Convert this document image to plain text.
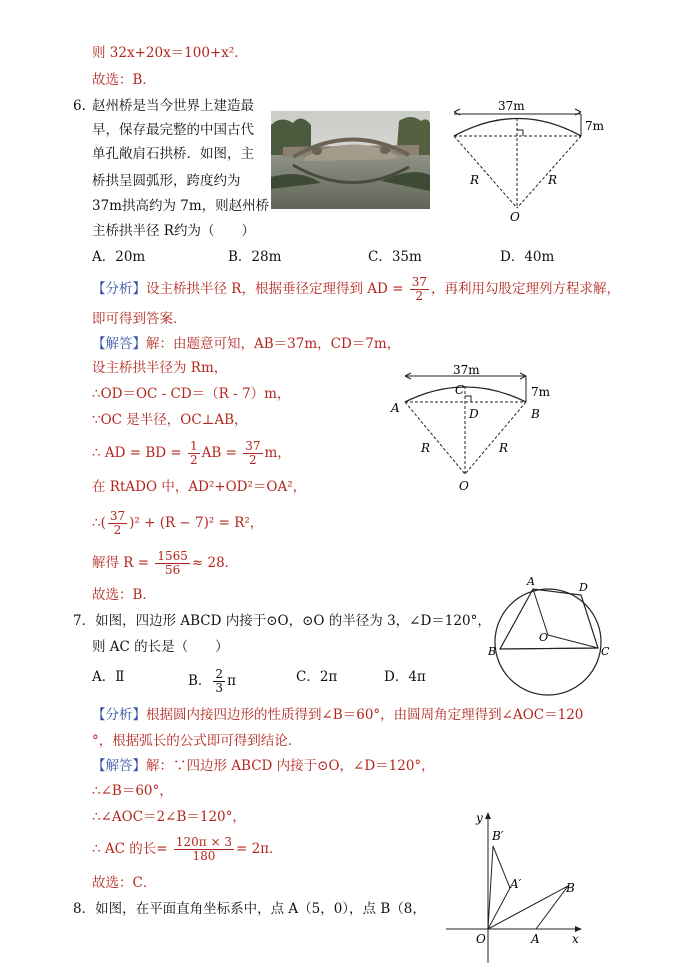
则 32x+20x＝100+x²．
故选：B．
6. 赵州桥是当今世界上建造最
早，保存最完整的中国古代
单孔敞肩石拱桥．如图，主
桥拱呈圆弧形，跨度约为
37m拱高约为 7m，则赵州桥
主桥拱半径 R约为（　　）
37m
7m
R	R
O
A．20m	B．28m	C．35m	D．40m
【分析】设主桥拱半径 R，根据垂径定理得到 AD = $\frac{37}{2}$ ，再利用勾股定理列方程求解，
即可得到答案．
【解答】解：由题意可知，AB＝37m，CD＝7m，
设主桥拱半径为 Rm，
∴OD＝OC - CD＝（R - 7）m，
∵OC 是半径，OC⊥AB，
∴ AD = BD = $\frac{1}{2}$ AB = $\frac{37}{2}$ m，
在 RtADO 中，AD²+OD²＝OA²，
∴( $\frac{37}{2} )^2 + (R - 7)^2 = R^2$，
解得 $R = \frac{1565}{56} \approx 28$．
故选：B．
37m
7m
A	B
C
D
R	R
O
7．如图，四边形 ABCD 内接于⊙O，⊙O 的半径为 3，∠D＝120°，
则 AC 的长是（　　）
A．Ⅱ	B． $\frac{2}{3}$ π	C．2π	D．4π
A
B	C
D
O
【分析】根据圆内接四边形的性质得到∠B＝60°，由圆周角定理得到∠AOC＝120
°，根据弧长的公式即可得到结论．
【解答】解：∵四边形 ABCD 内接于⊙O，∠D＝120°，
∴∠B＝60°，
∴∠AOC＝2∠B＝120°，
∴ AC 的长= $\frac{120\pi \times 3}{180} = 2\pi$．
故选：C．
8．如图，在平面直角坐标系中，点 A（5，0），点 B（8，
y
x
O	A
B
A′
B′
